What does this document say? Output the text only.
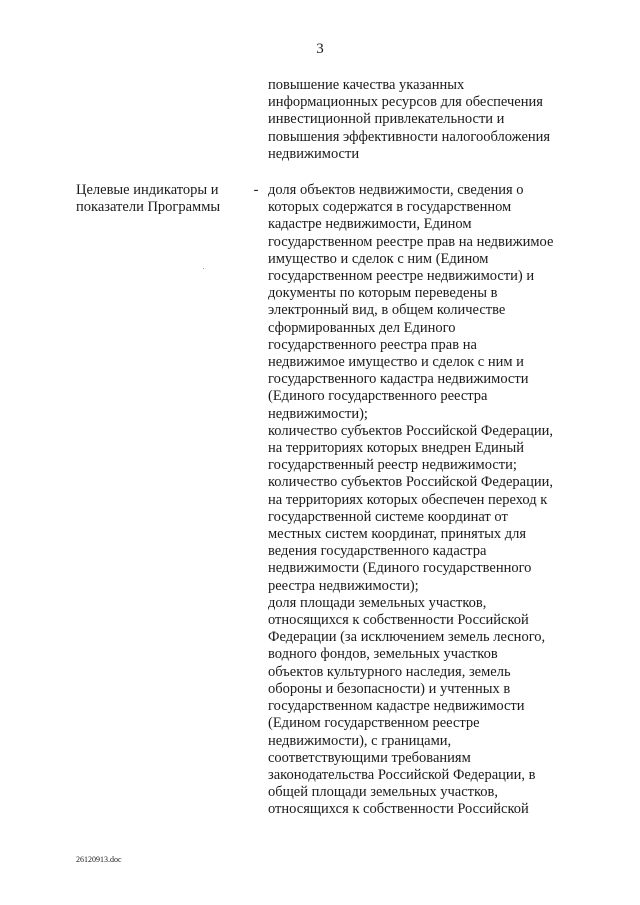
3
повышение качества указанных
информационных ресурсов для обеспечения
инвестиционной привлекательности и
повышения эффективности налогообложения
недвижимости
Целевые индикаторы и
показатели Программы
- доля объектов недвижимости, сведения о
которых содержатся в государственном
кадастре недвижимости, Едином
государственном реестре прав на недвижимое
имущество и сделок с ним (Едином
государственном реестре недвижимости) и
документы по которым переведены в
электронный вид, в общем количестве
сформированных дел Единого
государственного реестра прав на
недвижимое имущество и сделок с ним и
государственного кадастра недвижимости
(Единого государственного реестра
недвижимости);
количество субъектов Российской Федерации,
на территориях которых внедрен Единый
государственный реестр недвижимости;
количество субъектов Российской Федерации,
на территориях которых обеспечен переход к
государственной системе координат от
местных систем координат, принятых для
ведения государственного кадастра
недвижимости (Единого государственного
реестра недвижимости);
доля площади земельных участков,
относящихся к собственности Российской
Федерации (за исключением земель лесного,
водного фондов, земельных участков
объектов культурного наследия, земель
обороны и безопасности) и учтенных в
государственном кадастре недвижимости
(Едином государственном реестре
недвижимости), с границами,
соответствующими требованиям
законодательства Российской Федерации, в
общей площади земельных участков,
относящихся к собственности Российской
26120913.doc
